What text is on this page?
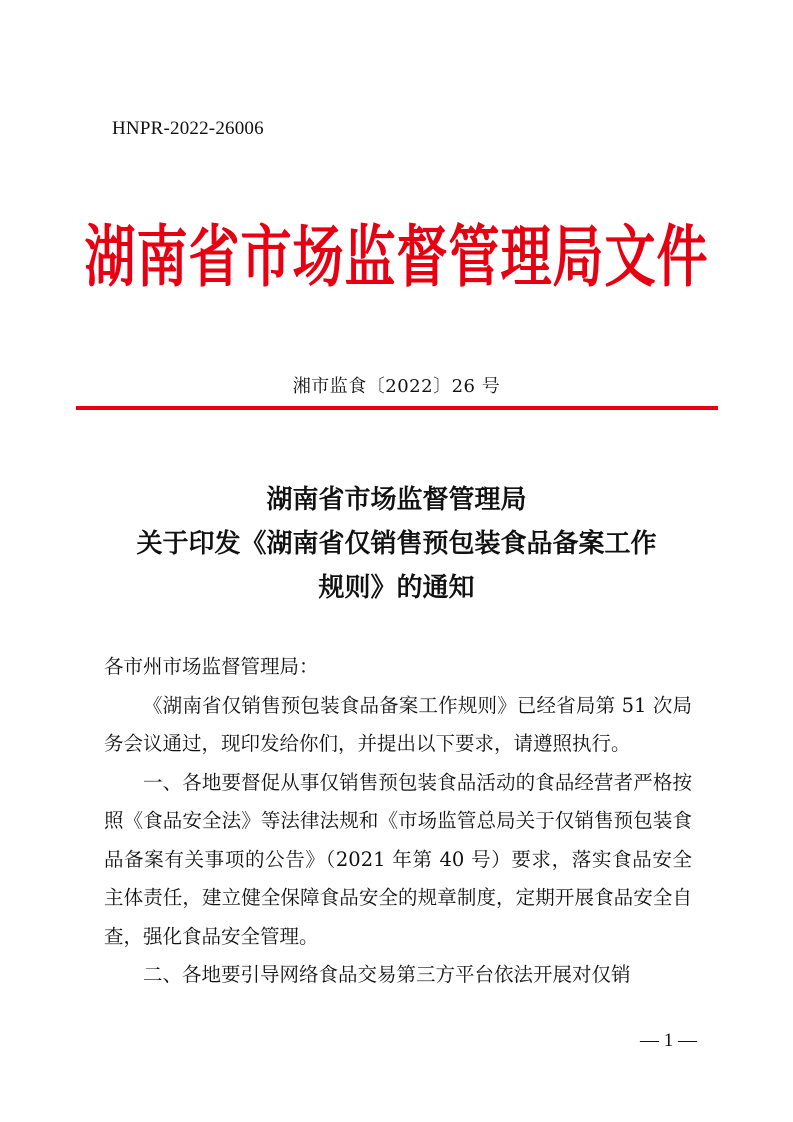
HNPR-2022-26006
湖南省市场监督管理局文件
湘市监食〔2022〕26 号
湖南省市场监督管理局
关于印发《湖南省仅销售预包装食品备案工作
规则》的通知

各市州市场监督管理局：

《湖南省仅销售预包装食品备案工作规则》已经省局第 51 次局务会议通过，现印发给你们，并提出以下要求，请遵照执行。

一、各地要督促从事仅销售预包装食品活动的食品经营者严格按照《食品安全法》等法律法规和《市场监管总局关于仅销售预包装食品备案有关事项的公告》（2021 年第 40 号）要求，落实食品安全主体责任，建立健全保障食品安全的规章制度，定期开展食品安全自查，强化食品安全管理。

二、各地要引导网络食品交易第三方平台依法开展对仅销

— 1 —
